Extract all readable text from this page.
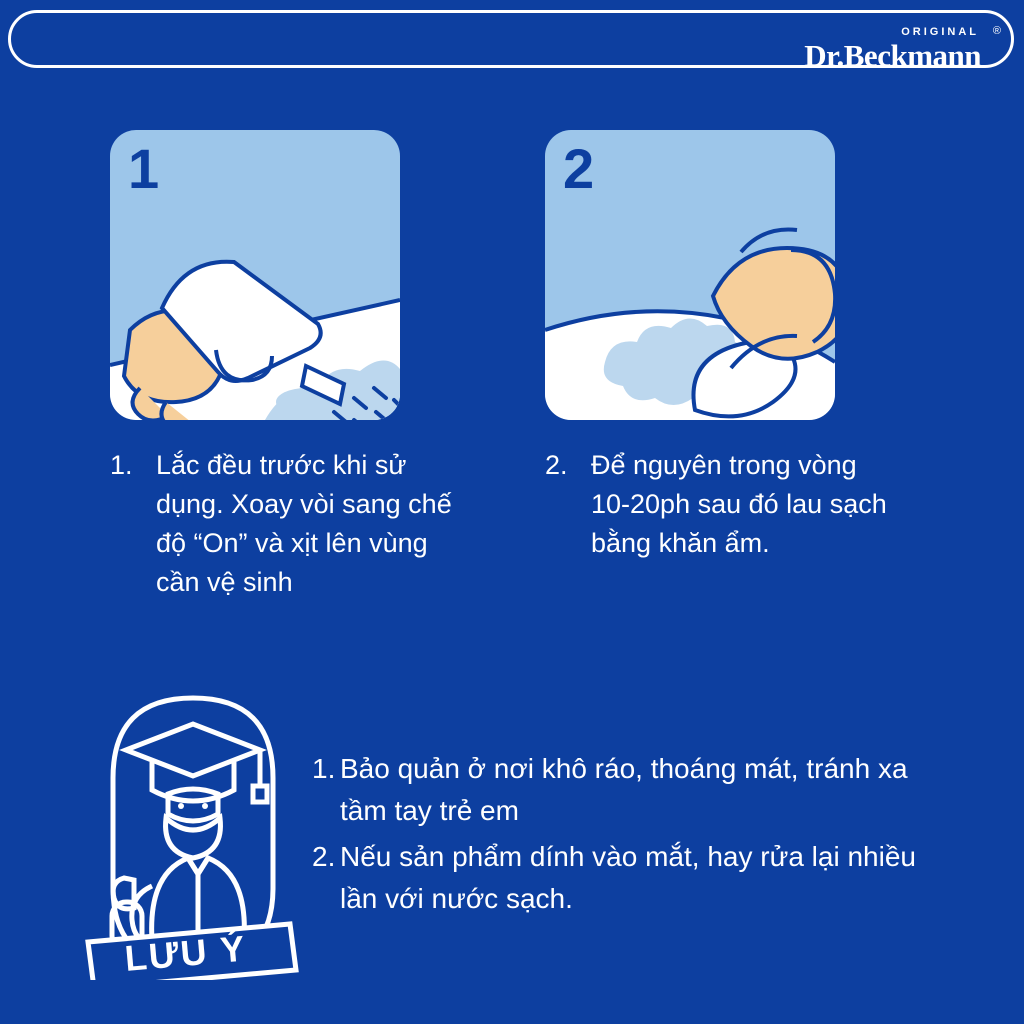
ORIGINAL
Dr.Beckmann
®
1
1. Lắc đều trước khi sử dụng. Xoay vòi sang chế độ “On” và xịt lên vùng cần vệ sinh
2
2. Để nguyên trong vòng 10-20ph sau đó lau sạch bằng khăn ẩm.
LƯU Ý
1. Bảo quản ở nơi khô ráo, thoáng mát, tránh xa tầm tay trẻ em
2. Nếu sản phẩm dính vào mắt, hay rửa lại nhiều lần với nước sạch.
